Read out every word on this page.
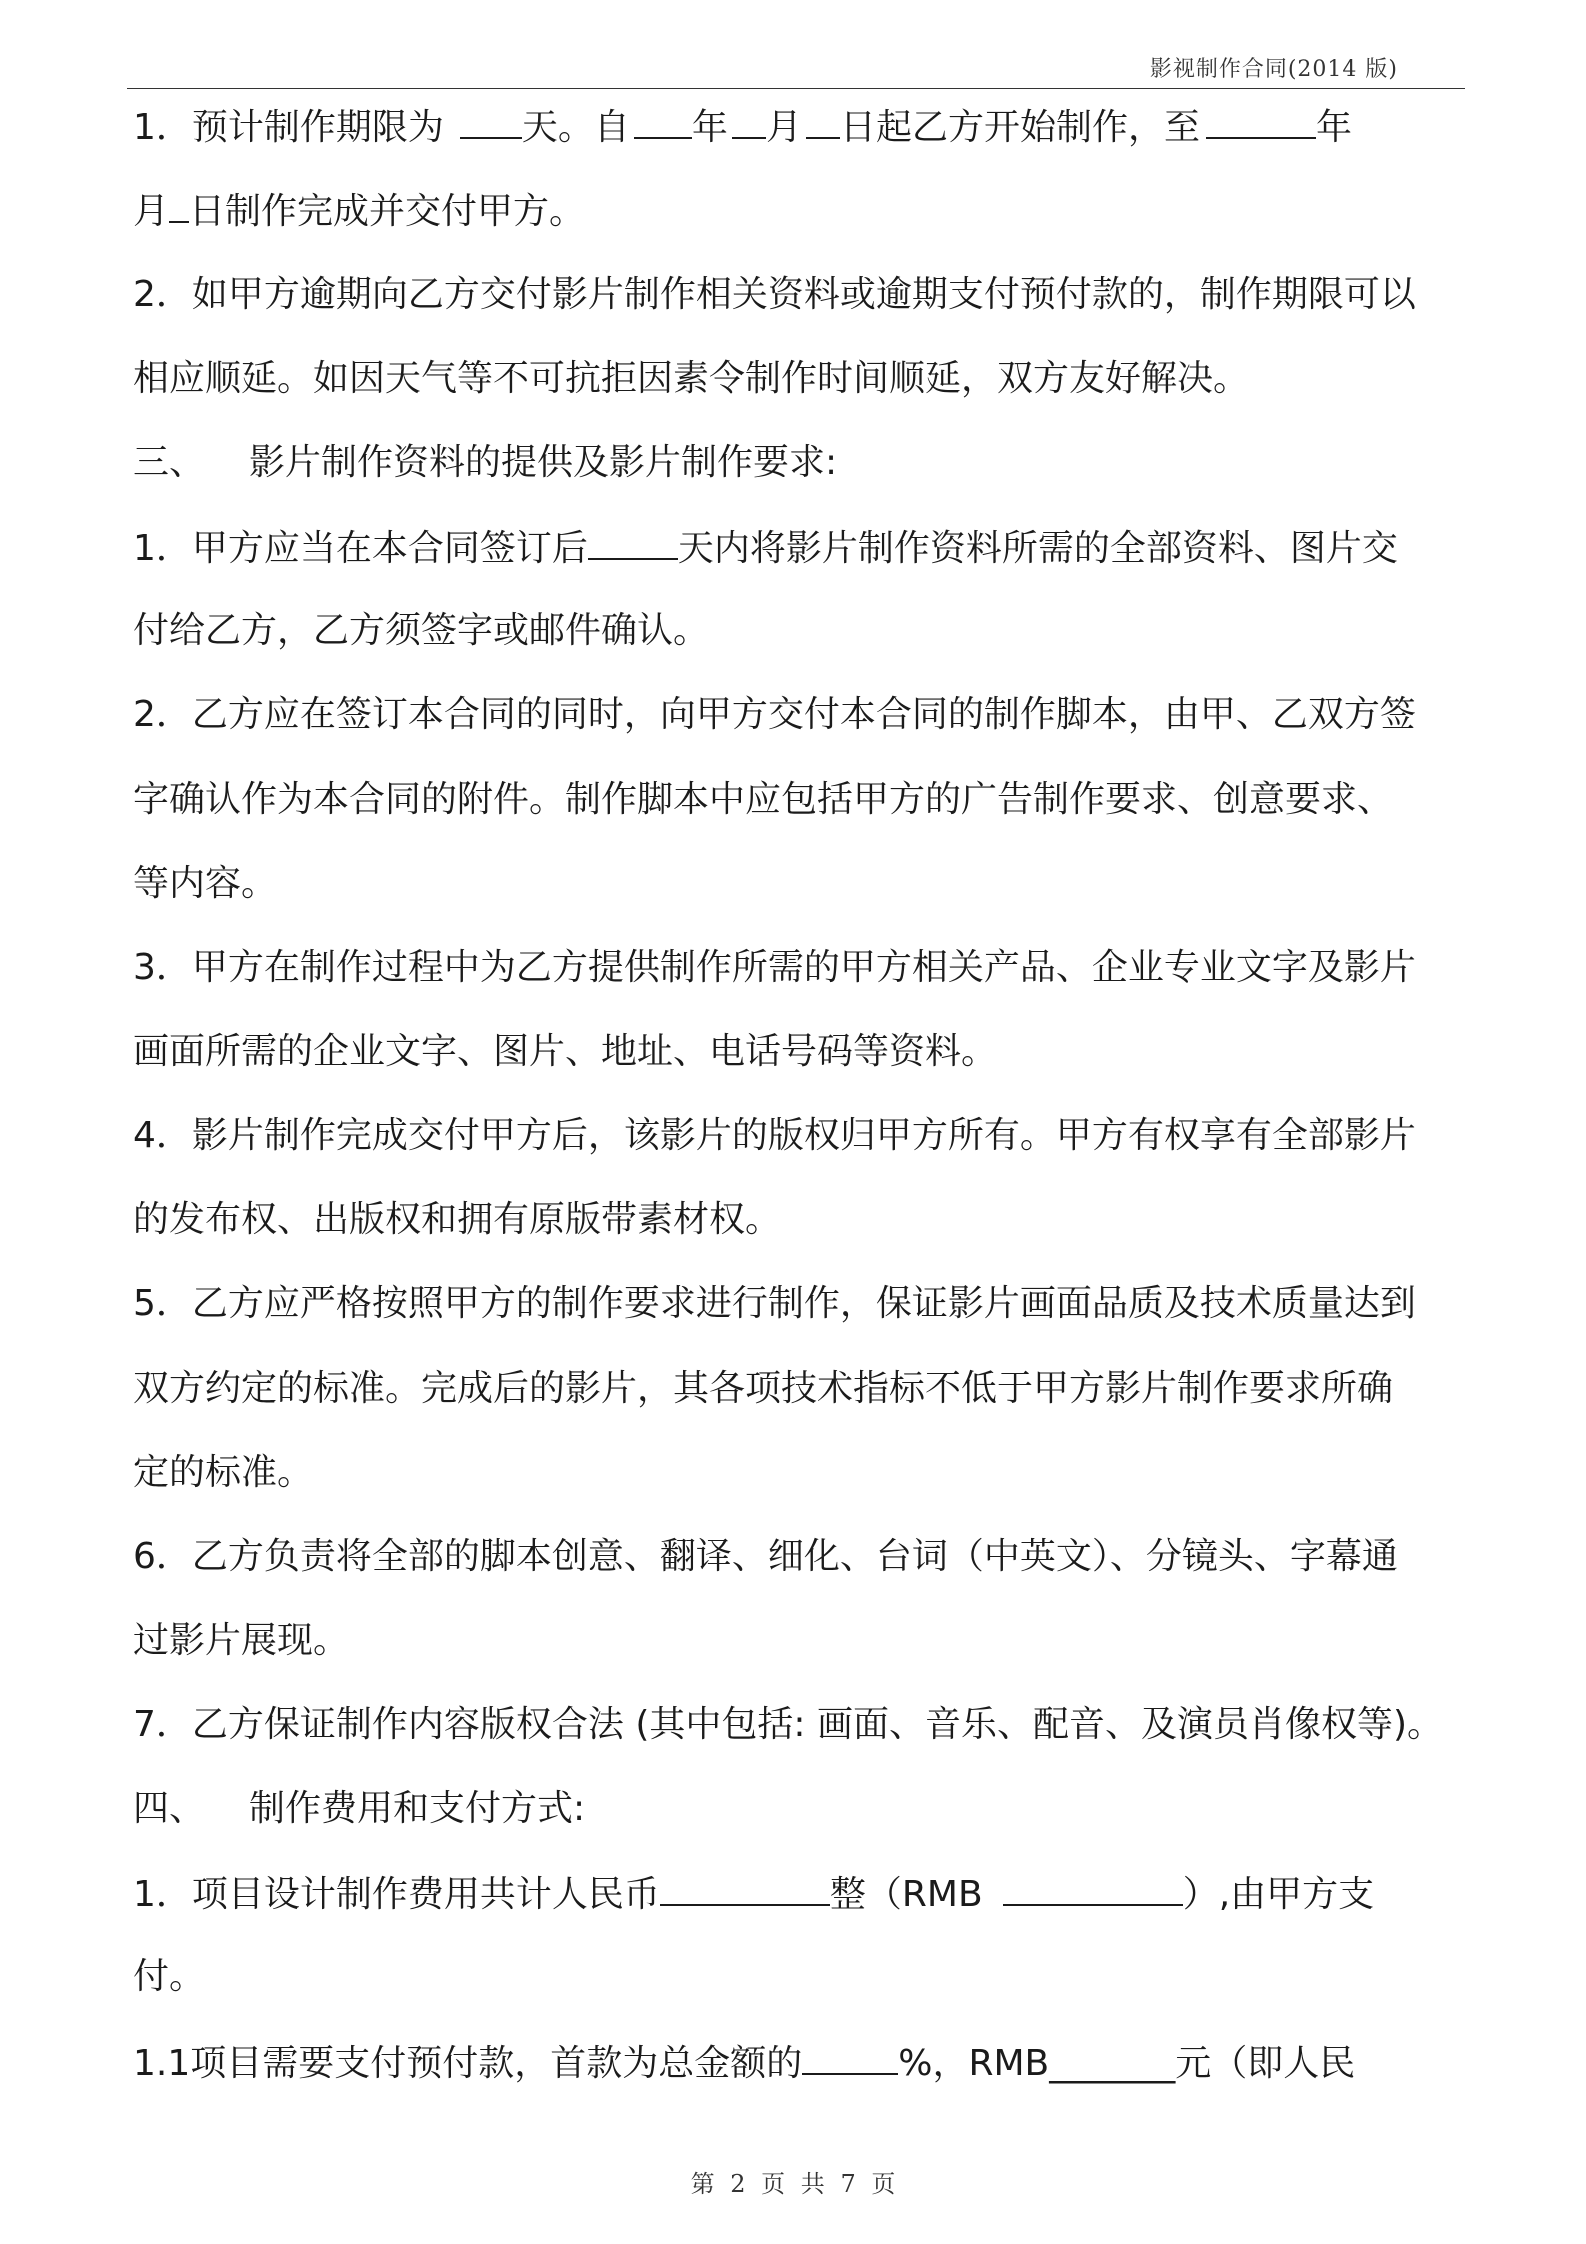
影视制作合同(2014 版)
1．预计制作期限为 天。自 年 月 日起乙方开始制作，至	年
月 日制作完成并交付甲方。
2．如甲方逾期向乙方交付影片制作相关资料或逾期支付预付款的，制作期限可以
相应顺延。如因天气等不可抗拒因素令制作时间顺延，双方友好解决。
三、 影片制作资料的提供及影片制作要求:
1．甲方应当在本合同签订后	天内将影片制作资料所需的全部资料、图片交
付给乙方，乙方须签字或邮件确认。
2．乙方应在签订本合同的同时，向甲方交付本合同的制作脚本，由甲、乙双方签
字确认作为本合同的附件。制作脚本中应包括甲方的广告制作要求、创意要求、
等内容。
3．甲方在制作过程中为乙方提供制作所需的甲方相关产品、企业专业文字及影片
画面所需的企业文字、图片、地址、电话号码等资料。
4．影片制作完成交付甲方后，该影片的版权归甲方所有。甲方有权享有全部影片
的发布权、出版权和拥有原版带素材权。
5．乙方应严格按照甲方的制作要求进行制作，保证影片画面品质及技术质量达到
双方约定的标准。完成后的影片，其各项技术指标不低于甲方影片制作要求所确
定的标准。
6．乙方负责将全部的脚本创意、翻译、细化、台词（中英文）、分镜头、字幕通
过影片展现。
7．乙方保证制作内容版权合法 (其中包括: 画面、音乐、配音、及演员肖像权等)。
四、 制作费用和支付方式:
1．项目设计制作费用共计人民币	整（RMB	）,由甲方支
付。
1.1项目需要支付预付款，首款为总金额的	%，RMB_______元（即人民
第 2 页 共 7 页
